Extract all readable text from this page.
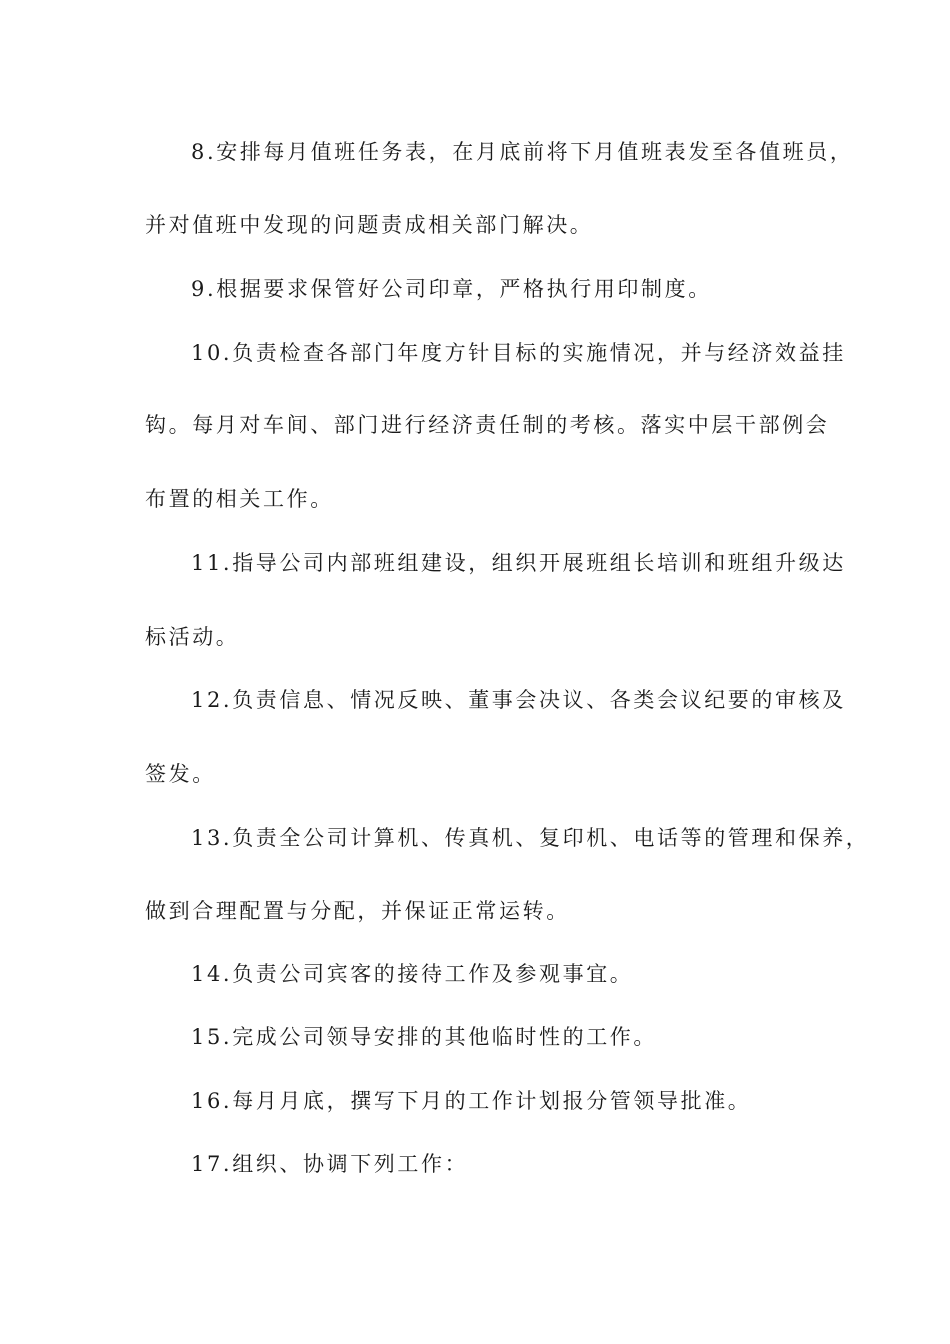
8.安排每月值班任务表，在月底前将下月值班表发至各值班员，

并对值班中发现的问题责成相关部门解决。

9.根据要求保管好公司印章，严格执行用印制度。

10.负责检查各部门年度方针目标的实施情况，并与经济效益挂

钩。每月对车间、部门进行经济责任制的考核。落实中层干部例会

布置的相关工作。

11.指导公司内部班组建设，组织开展班组长培训和班组升级达

标活动。

12.负责信息、情况反映、董事会决议、各类会议纪要的审核及

签发。

13.负责全公司计算机、传真机、复印机、电话等的管理和保养，

做到合理配置与分配，并保证正常运转。

14.负责公司宾客的接待工作及参观事宜。

15.完成公司领导安排的其他临时性的工作。

16.每月月底，撰写下月的工作计划报分管领导批准。

17.组织、协调下列工作：
